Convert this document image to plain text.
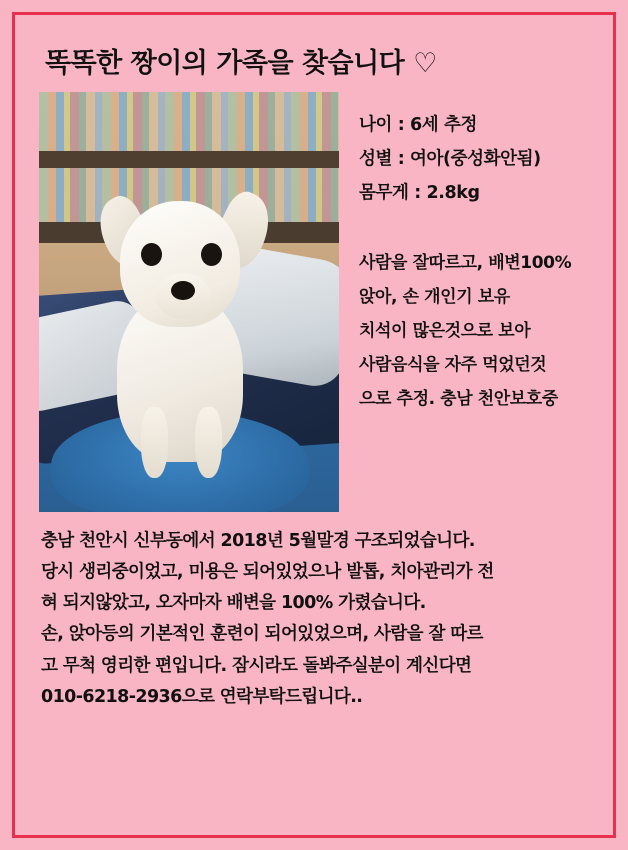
똑똑한 짱이의 가족을 찾습니다 ♡
나이 : 6세 추정
성별 : 여아(중성화안됨)
몸무게 : 2.8kg
사람을 잘따르고, 배변100%
앉아, 손 개인기 보유
치석이 많은것으로 보아
사람음식을 자주 먹었던것
으로 추정. 충남 천안보호중
충남 천안시 신부동에서 2018년 5월말경 구조되었습니다.
당시 생리중이었고, 미용은 되어있었으나 발톱, 치아관리가 전
혀 되지않았고, 오자마자 배변을 100% 가렸습니다.
손, 앉아등의 기본적인 훈련이 되어있었으며, 사람을 잘 따르
고 무척 영리한 편입니다. 잠시라도 돌봐주실분이 계신다면
010-6218-2936으로 연락부탁드립니다..
